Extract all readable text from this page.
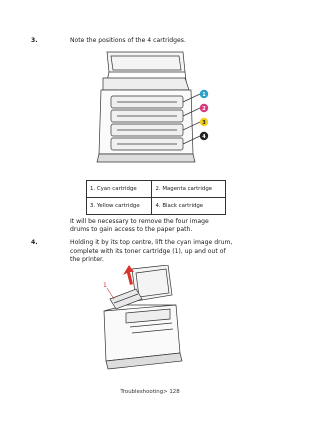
3.	Note the positions of the 4 cartridges.
1
2
3
4
1. Cyan cartridge	2. Magenta cartridge
3. Yellow cartridge	4. Black cartridge
It will be necessary to remove the four image drums to gain access to the paper path.
4.	Holding it by its top centre, lift the cyan image drum, complete with its toner cartridge (1), up and out of the printer.
1
Troubleshooting> 128
